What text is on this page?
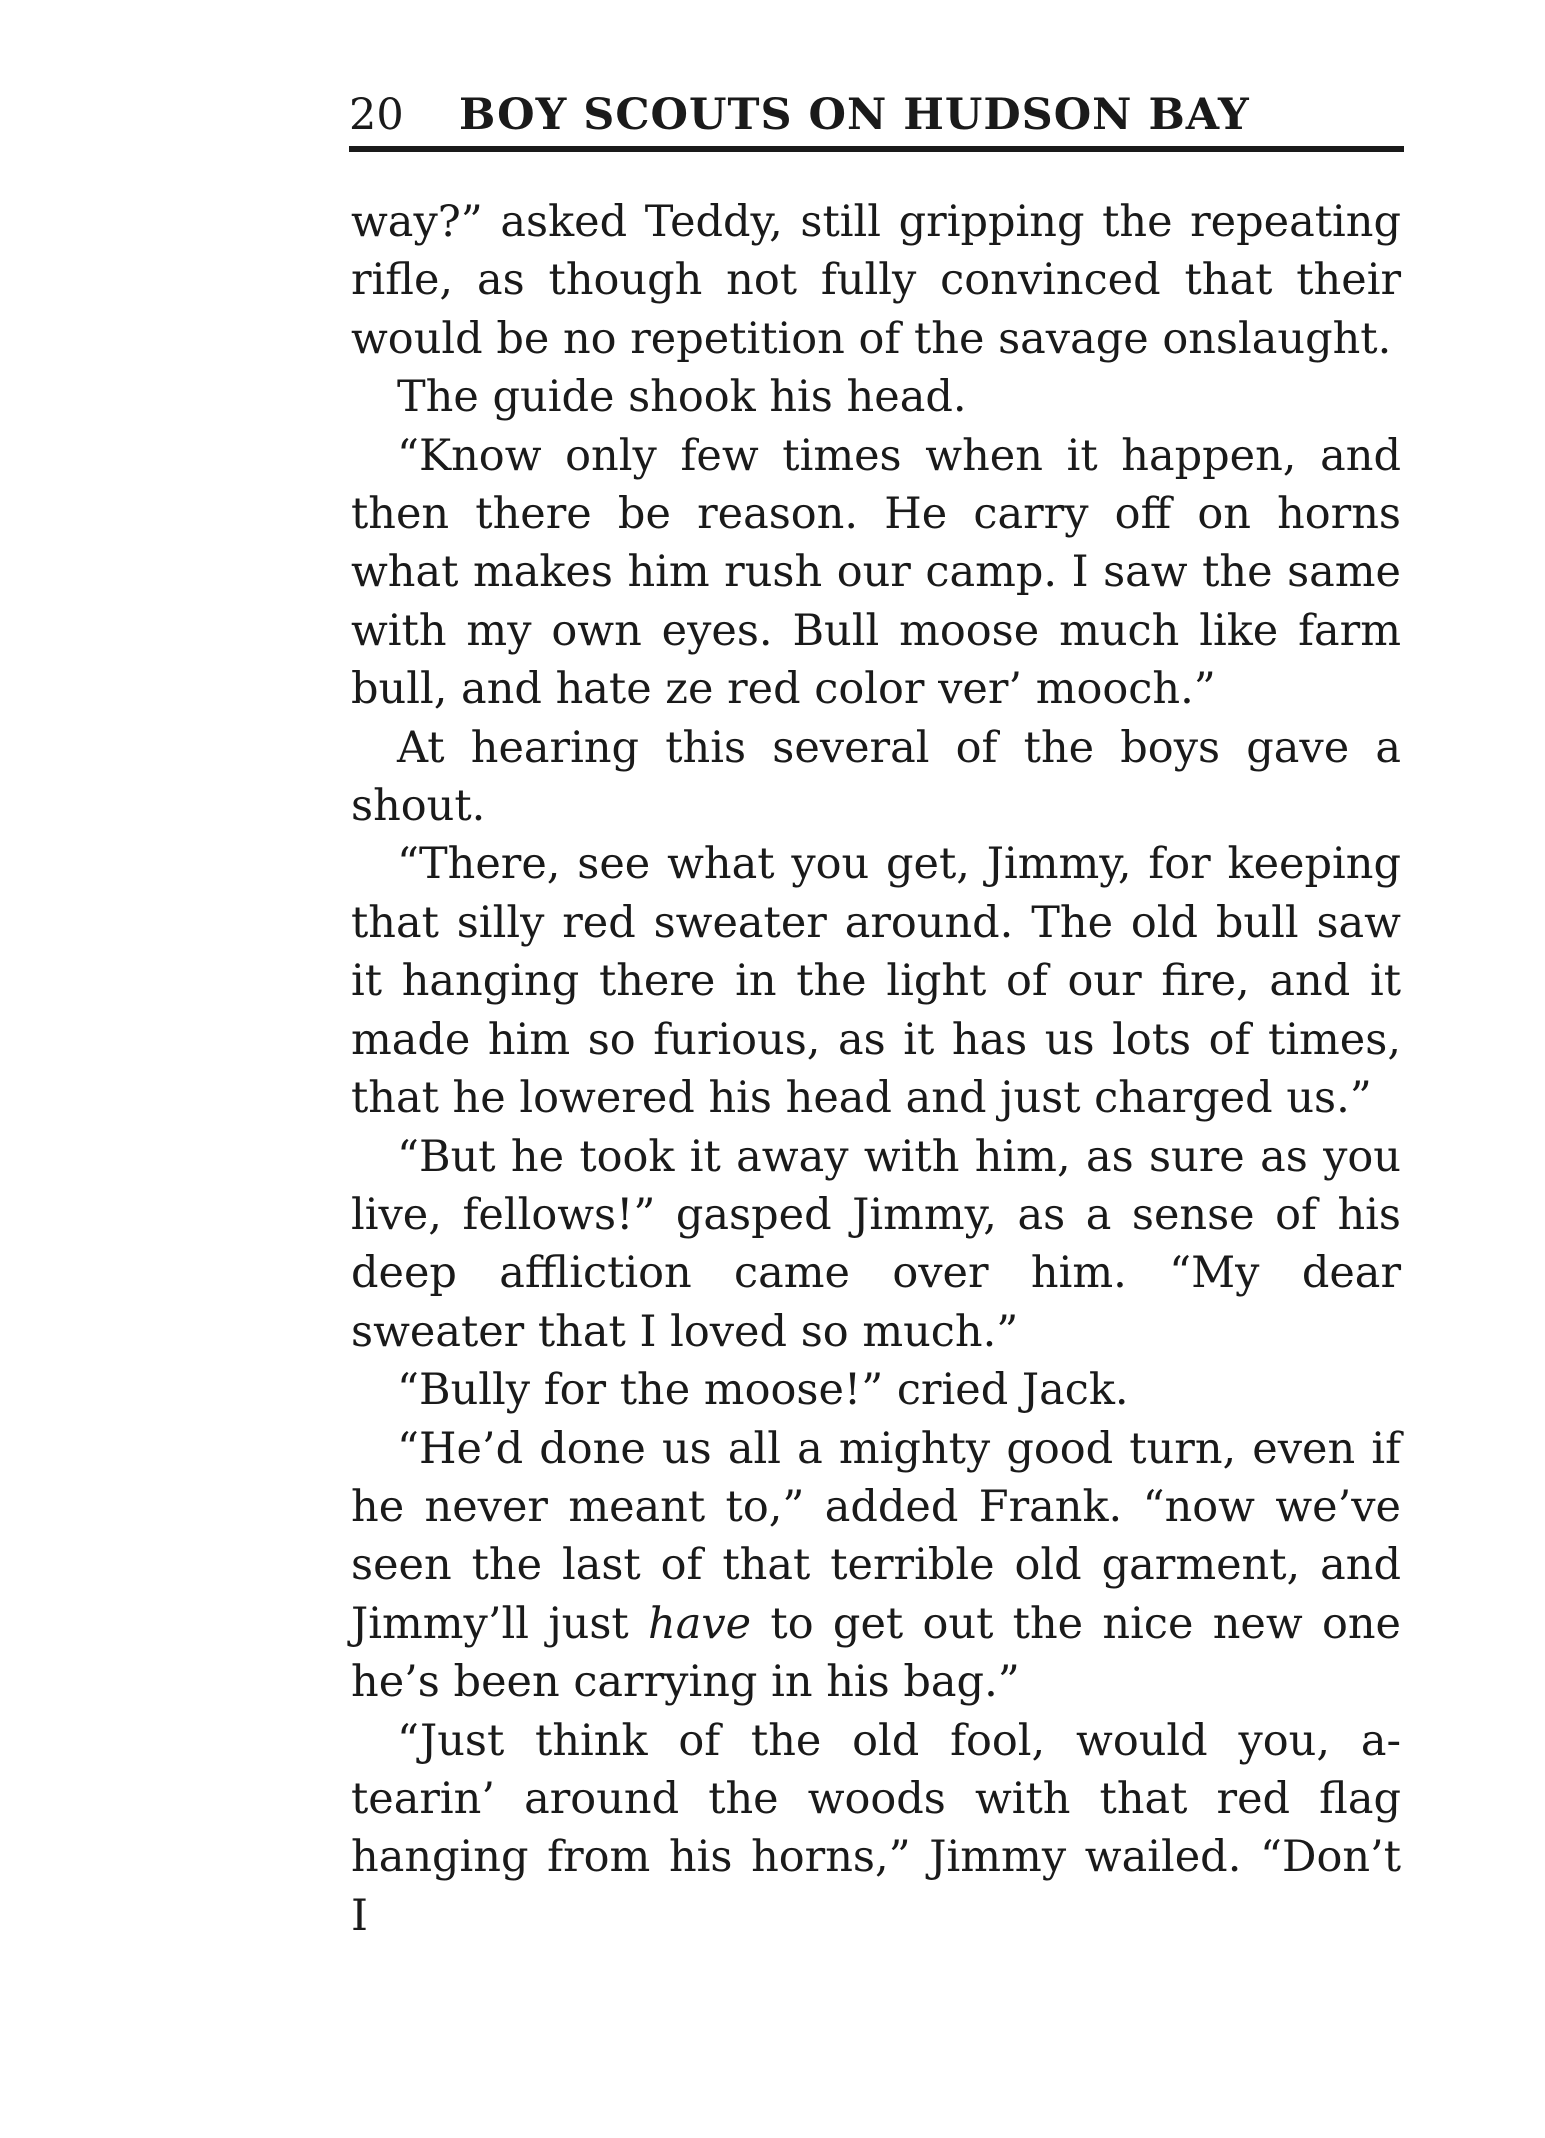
20 BOY SCOUTS ON HUDSON BAY

way?” asked Teddy, still gripping the repeating rifle, as though not fully convinced that their would be no repetition of the savage onslaught.

The guide shook his head.

“Know only few times when it happen, and then there be reason. He carry off on horns what makes him rush our camp. I saw the same with my own eyes. Bull moose much like farm bull, and hate ze red color ver’ mooch.”

At hearing this several of the boys gave a shout.

“There, see what you get, Jimmy, for keeping that silly red sweater around. The old bull saw it hanging there in the light of our fire, and it made him so furious, as it has us lots of times, that he lowered his head and just charged us.”

“But he took it away with him, as sure as you live, fellows!” gasped Jimmy, as a sense of his deep affliction came over him. “My dear sweater that I loved so much.”

“Bully for the moose!” cried Jack.

“He’d done us all a mighty good turn, even if he never meant to,” added Frank. “now we’ve seen the last of that terrible old garment, and Jimmy’ll just have to get out the nice new one he’s been carrying in his bag.”

“Just think of the old fool, would you, a-tearin’ around the woods with that red flag hanging from his horns,” Jimmy wailed. “Don’t I
